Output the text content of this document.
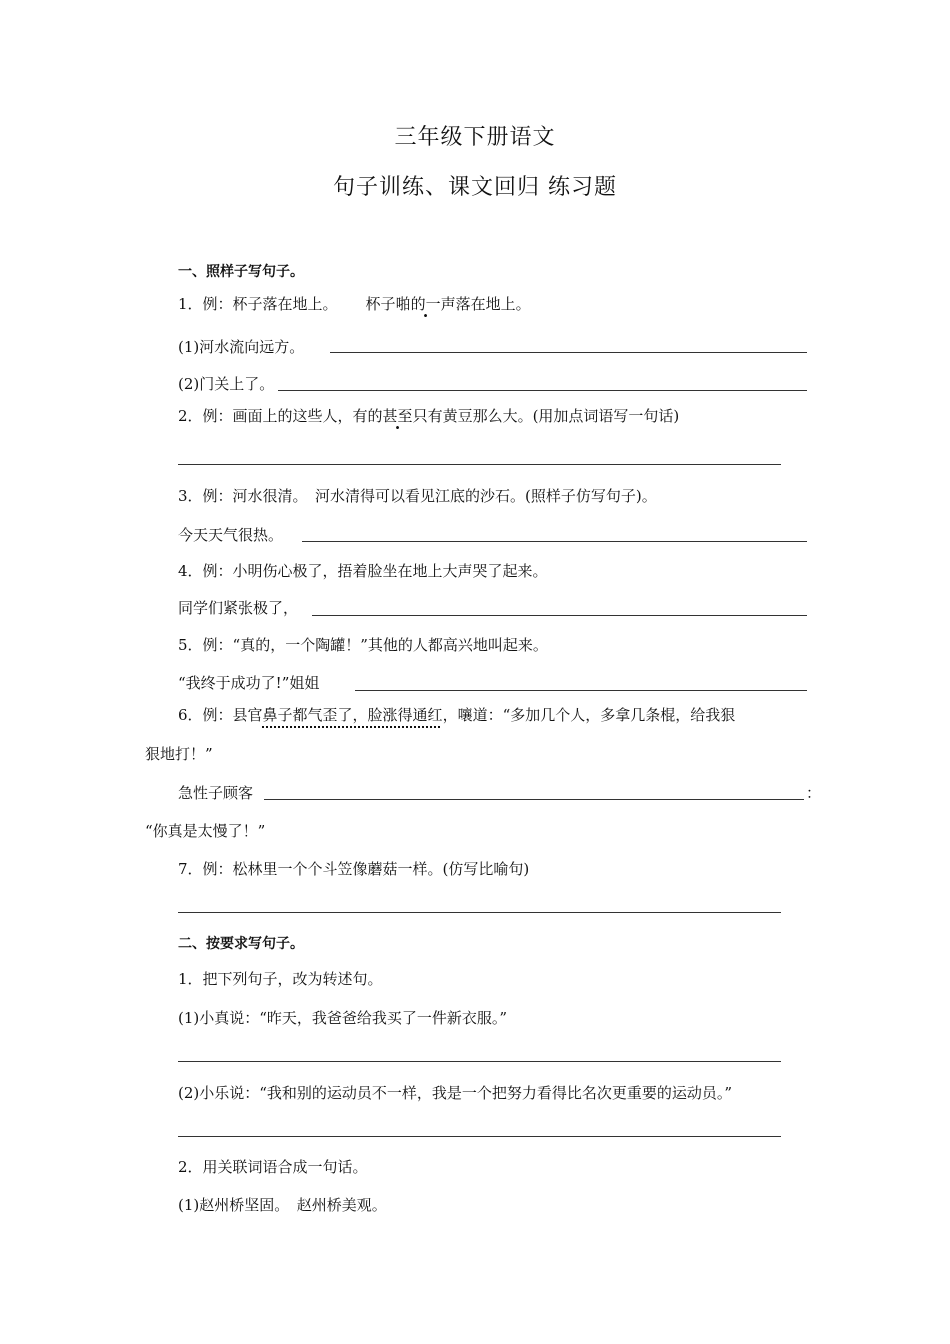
三年级下册语文
句子训练、课文回归 练习题
一、照样子写句子。
1．例：杯子落在地上。 杯子啪的一声落在地上。
(1)河水流向远方。
(2)门关上了。
2．例：画面上的这些人，有的甚至只有黄豆那么大。(用加点词语写一句话)
3．例：河水很清。　河水清得可以看见江底的沙石。(照样子仿写句子)。
今天天气很热。
4．例：小明伤心极了，捂着脸坐在地上大声哭了起来。
同学们紧张极了，
5．例：“真的，一个陶罐！”其他的人都高兴地叫起来。
“我终于成功了!”姐姐
6．例：县官鼻子都气歪了，脸涨得通红，嚷道：“多加几个人，多拿几条棍，给我狠
狠地打！”
急性子顾客	：
“你真是太慢了！”
7．例：松林里一个个斗笠像蘑菇一样。(仿写比喻句)
二、按要求写句子。
1．把下列句子，改为转述句。
(1)小真说：“昨天，我爸爸给我买了一件新衣服。”
(2)小乐说：“我和别的运动员不一样，我是一个把努力看得比名次更重要的运动员。”
2．用关联词语合成一句话。
(1)赵州桥坚固。　赵州桥美观。
